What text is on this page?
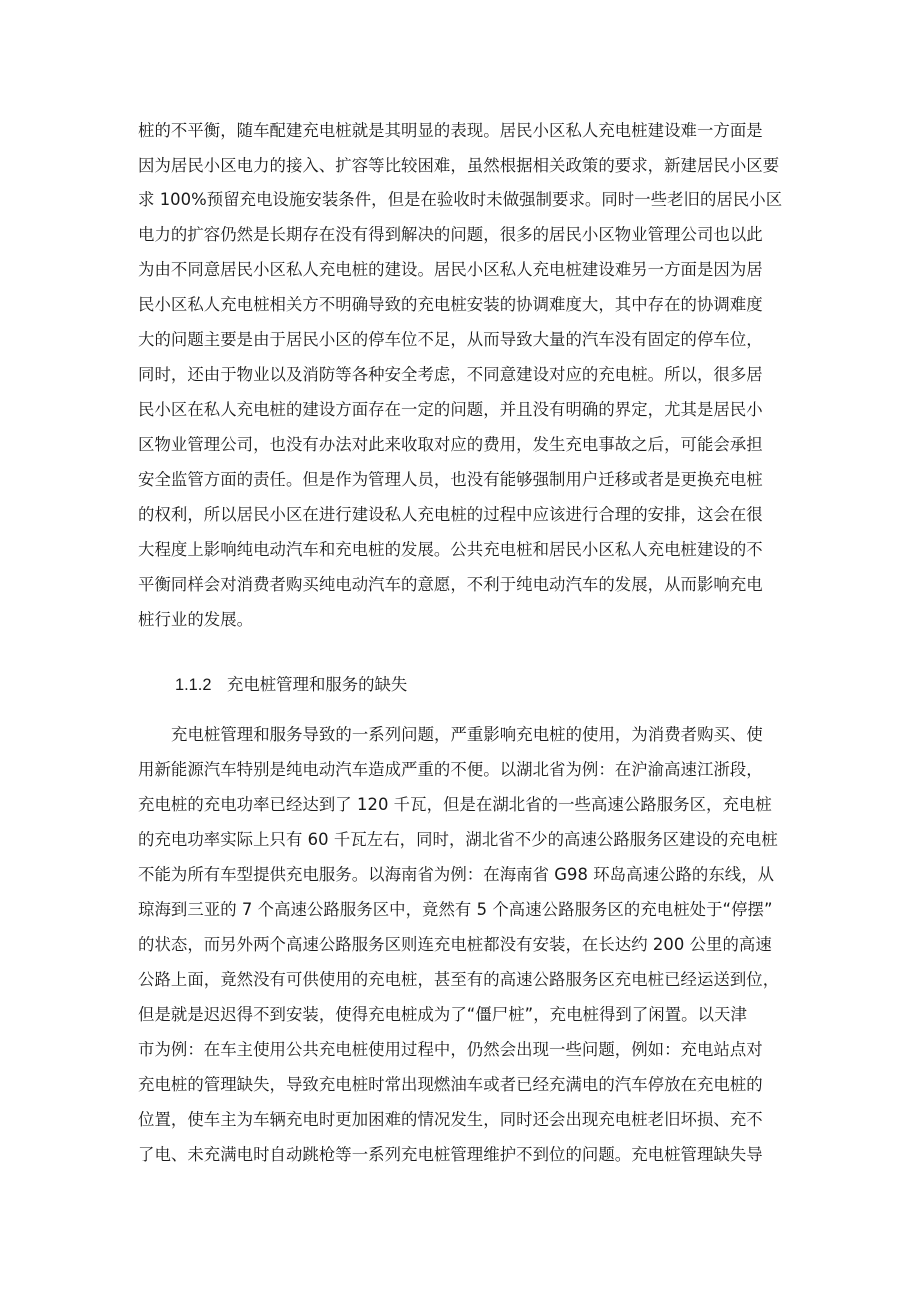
桩的不平衡，随车配建充电桩就是其明显的表现。居民小区私人充电桩建设难一方面是
因为居民小区电力的接入、扩容等比较困难，虽然根据相关政策的要求，新建居民小区要
求 100%预留充电设施安装条件，但是在验收时未做强制要求。同时一些老旧的居民小区
电力的扩容仍然是长期存在没有得到解决的问题，很多的居民小区物业管理公司也以此
为由不同意居民小区私人充电桩的建设。居民小区私人充电桩建设难另一方面是因为居
民小区私人充电桩相关方不明确导致的充电桩安装的协调难度大，其中存在的协调难度
大的问题主要是由于居民小区的停车位不足，从而导致大量的汽车没有固定的停车位，
同时，还由于物业以及消防等各种安全考虑，不同意建设对应的充电桩。所以，很多居
民小区在私人充电桩的建设方面存在一定的问题，并且没有明确的界定，尤其是居民小
区物业管理公司，也没有办法对此来收取对应的费用，发生充电事故之后，可能会承担
安全监管方面的责任。但是作为管理人员，也没有能够强制用户迁移或者是更换充电桩
的权利，所以居民小区在进行建设私人充电桩的过程中应该进行合理的安排，这会在很
大程度上影响纯电动汽车和充电桩的发展。公共充电桩和居民小区私人充电桩建设的不
平衡同样会对消费者购买纯电动汽车的意愿，不利于纯电动汽车的发展，从而影响充电
桩行业的发展。
1.1.2 充电桩管理和服务的缺失
充电桩管理和服务导致的一系列问题，严重影响充电桩的使用，为消费者购买、使
用新能源汽车特别是纯电动汽车造成严重的不便。以湖北省为例：在沪渝高速江浙段，
充电桩的充电功率已经达到了 120 千瓦，但是在湖北省的一些高速公路服务区，充电桩
的充电功率实际上只有 60 千瓦左右，同时，湖北省不少的高速公路服务区建设的充电桩
不能为所有车型提供充电服务。以海南省为例：在海南省 G98 环岛高速公路的东线，从
琼海到三亚的 7 个高速公路服务区中，竟然有 5 个高速公路服务区的充电桩处于“停摆”
的状态，而另外两个高速公路服务区则连充电桩都没有安装，在长达约 200 公里的高速
公路上面，竟然没有可供使用的充电桩，甚至有的高速公路服务区充电桩已经运送到位，
但是就是迟迟得不到安装，使得充电桩成为了“僵尸桩”，充电桩得到了闲置。以天津
市为例：在车主使用公共充电桩使用过程中，仍然会出现一些问题，例如：充电站点对
充电桩的管理缺失，导致充电桩时常出现燃油车或者已经充满电的汽车停放在充电桩的
位置，使车主为车辆充电时更加困难的情况发生，同时还会出现充电桩老旧坏损、充不
了电、未充满电时自动跳枪等一系列充电桩管理维护不到位的问题。充电桩管理缺失导
